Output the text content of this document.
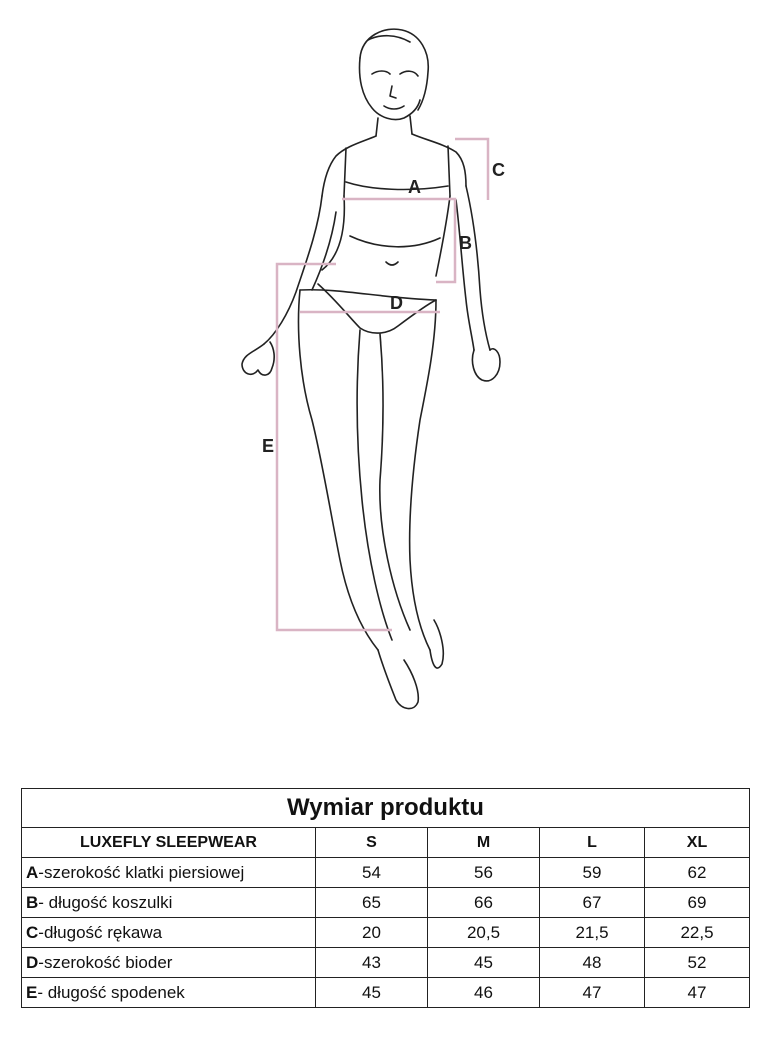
A
B
C
D
E
Wymiar produktu				
LUXEFLY SLEEPWEAR	S	M	L	XL
A-szerokość klatki piersiowej	54	56	59	62
B- długość koszulki	65	66	67	69
C-długość rękawa	20	20,5	21,5	22,5
D-szerokość bioder	43	45	48	52
E- długość spodenek	45	46	47	47
